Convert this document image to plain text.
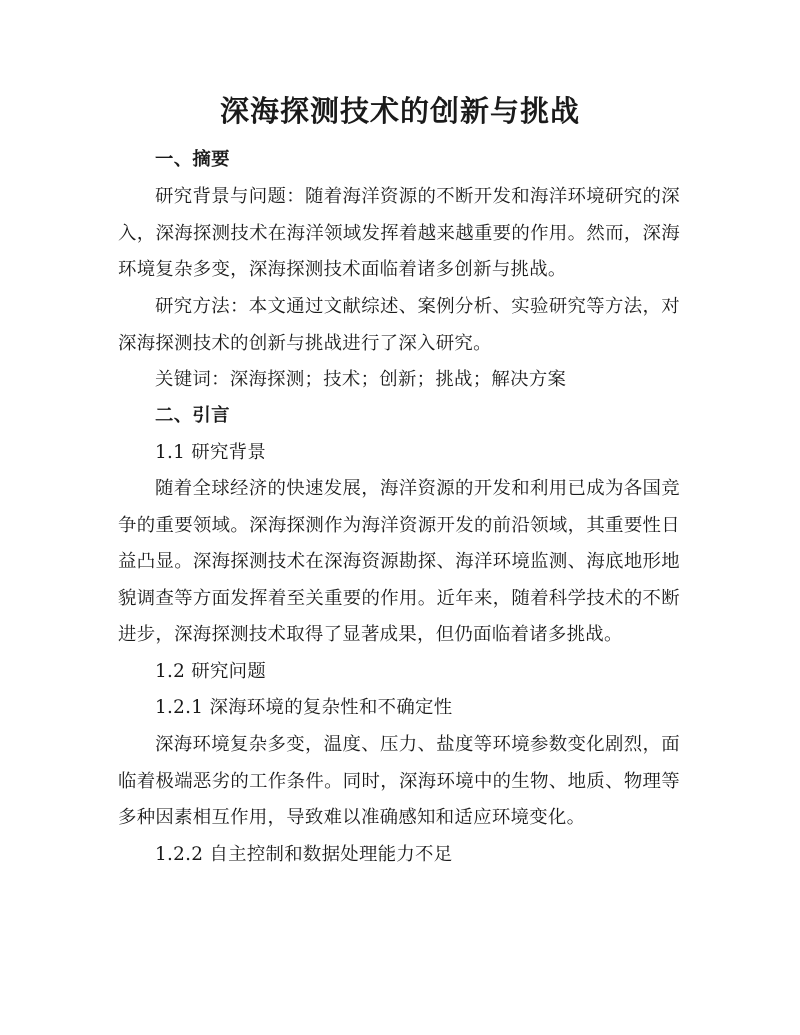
深海探测技术的创新与挑战

一、摘要

研究背景与问题：随着海洋资源的不断开发和海洋环境研究的深入，深海探测技术在海洋领域发挥着越来越重要的作用。然而，深海环境复杂多变，深海探测技术面临着诸多创新与挑战。

研究方法：本文通过文献综述、案例分析、实验研究等方法，对深海探测技术的创新与挑战进行了深入研究。

关键词：深海探测；技术；创新；挑战；解决方案

二、引言

1.1 研究背景

随着全球经济的快速发展，海洋资源的开发和利用已成为各国竞争的重要领域。深海探测作为海洋资源开发的前沿领域，其重要性日益凸显。深海探测技术在深海资源勘探、海洋环境监测、海底地形地貌调查等方面发挥着至关重要的作用。近年来，随着科学技术的不断进步，深海探测技术取得了显著成果，但仍面临着诸多挑战。

1.2 研究问题

1.2.1 深海环境的复杂性和不确定性

深海环境复杂多变，温度、压力、盐度等环境参数变化剧烈，面临着极端恶劣的工作条件。同时，深海环境中的生物、地质、物理等多种因素相互作用，导致难以准确感知和适应环境变化。

1.2.2 自主控制和数据处理能力不足
